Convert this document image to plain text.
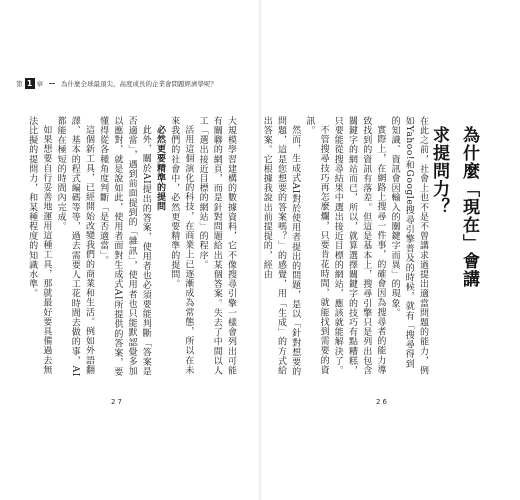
第 1 章	為什麼全球最頂尖、高度成長的企業會問題經濟學呢？
為什麼「現在」會講求提問力？

在此之前，社會上也不是不曾講求過提出適當問題的能力，例如Yahoo!和Google搜尋引擎普及的時候，就有「搜尋得到的知識、資訊會因輸入的關鍵字而異」的現象。

實際上，在網路上搜尋一件事，的確會因為搜尋者的能力導致找到的資訊有落差。但這是基本上，搜尋引擎只是列出包含關鍵字的網站而已，所以，就算選擇關鍵字的技巧有點糟糕，只要能從搜尋結果中選出接近目標的網站，應該就能解決了。

不管搜尋技巧再怎麼爛，只要肯花時間，就能找到需要的資訊。

然而，生成式AI對於使用者提出的問題，是以「針對想要的問題，這是您想要的答案嗎？」的感覺，用「生成」的方式給出答案。它根據我說出前提提的，經由

大規模學習建構的數據資料，它不像搜尋引擎一樣會列出可能有關聯的網頁，而是針對問題給出某個答案。失去了中間以人工「選出接近目標的網站」的程序。

活用這個演化的科技，在商業上已逐漸成為常態，所以在未來我們的社會中，必然更要精準的提問。

必然更要精準的提問

此外，關於AI提出的答案，使用者也必須要能判斷「答案是否適當」，遇到前面提到的「雜訊」，使用者也只能默認覺多加以應對，就是說如此，使用者面對生成式AI所提供的答案，要懂得從各種角度判斷「是否適當」。

這個新工具，已經開始改變我們的商業和生活。例如外語翻譯、基本的程式編碼等等，過去需要人工花時間去做的事，AI都能在極短的時間內完成。

如果想要自行妥善地運用這種工具，那就最好要具備過去無法比擬的提問力，和某種程度的知識水準。

27	26
